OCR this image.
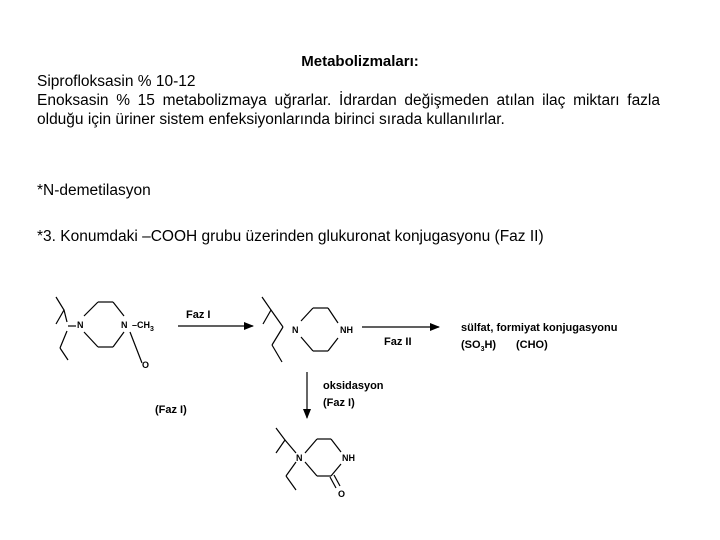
Metabolizmaları:
Siprofloksasin % 10-12
Enoksasin % 15 metabolizmaya uğrarlar. İdrardan değişmeden atılan ilaç miktarı fazla olduğu için üriner sistem enfeksiyonlarında birinci sırada kullanılırlar.
*N-demetilasyon
*3. Konumdaki –COOH grubu üzerinden glukuronat konjugasyonu (Faz II)
N	N $-CH_3$
O
(Faz I)
Faz I
N	NH
Faz II
sülfat, formiyat konjugasyonu
$(SO_3H)$ (CHO)
oksidasyon
(Faz I)
N	NH
O
